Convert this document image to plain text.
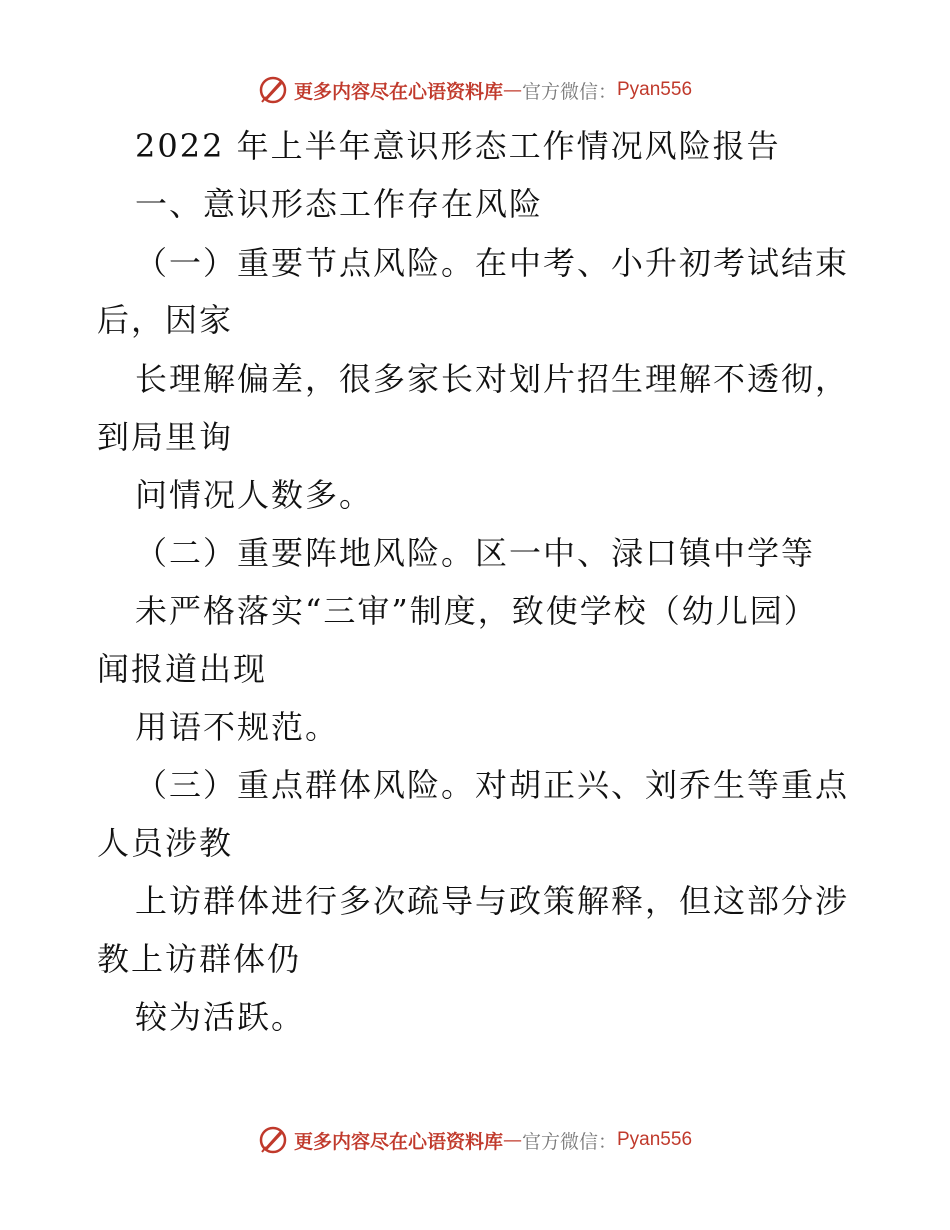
更多内容尽在心语资料库 — 官方微信： Pyan556
2022 年上半年意识形态工作情况风险报告
一、意识形态工作存在风险
（一）重要节点风险。在中考、小升初考试结束
后，因家
长理解偏差，很多家长对划片招生理解不透彻，
到局里询
问情况人数多。
（二）重要阵地风险。区一中、渌口镇中学等
未严格落实“三审”制度，致使学校（幼儿园）
闻报道出现
用语不规范。
（三）重点群体风险。对胡正兴、刘乔生等重点
人员涉教
上访群体进行多次疏导与政策解释，但这部分涉
教上访群体仍
较为活跃。
更多内容尽在心语资料库 — 官方微信： Pyan556
